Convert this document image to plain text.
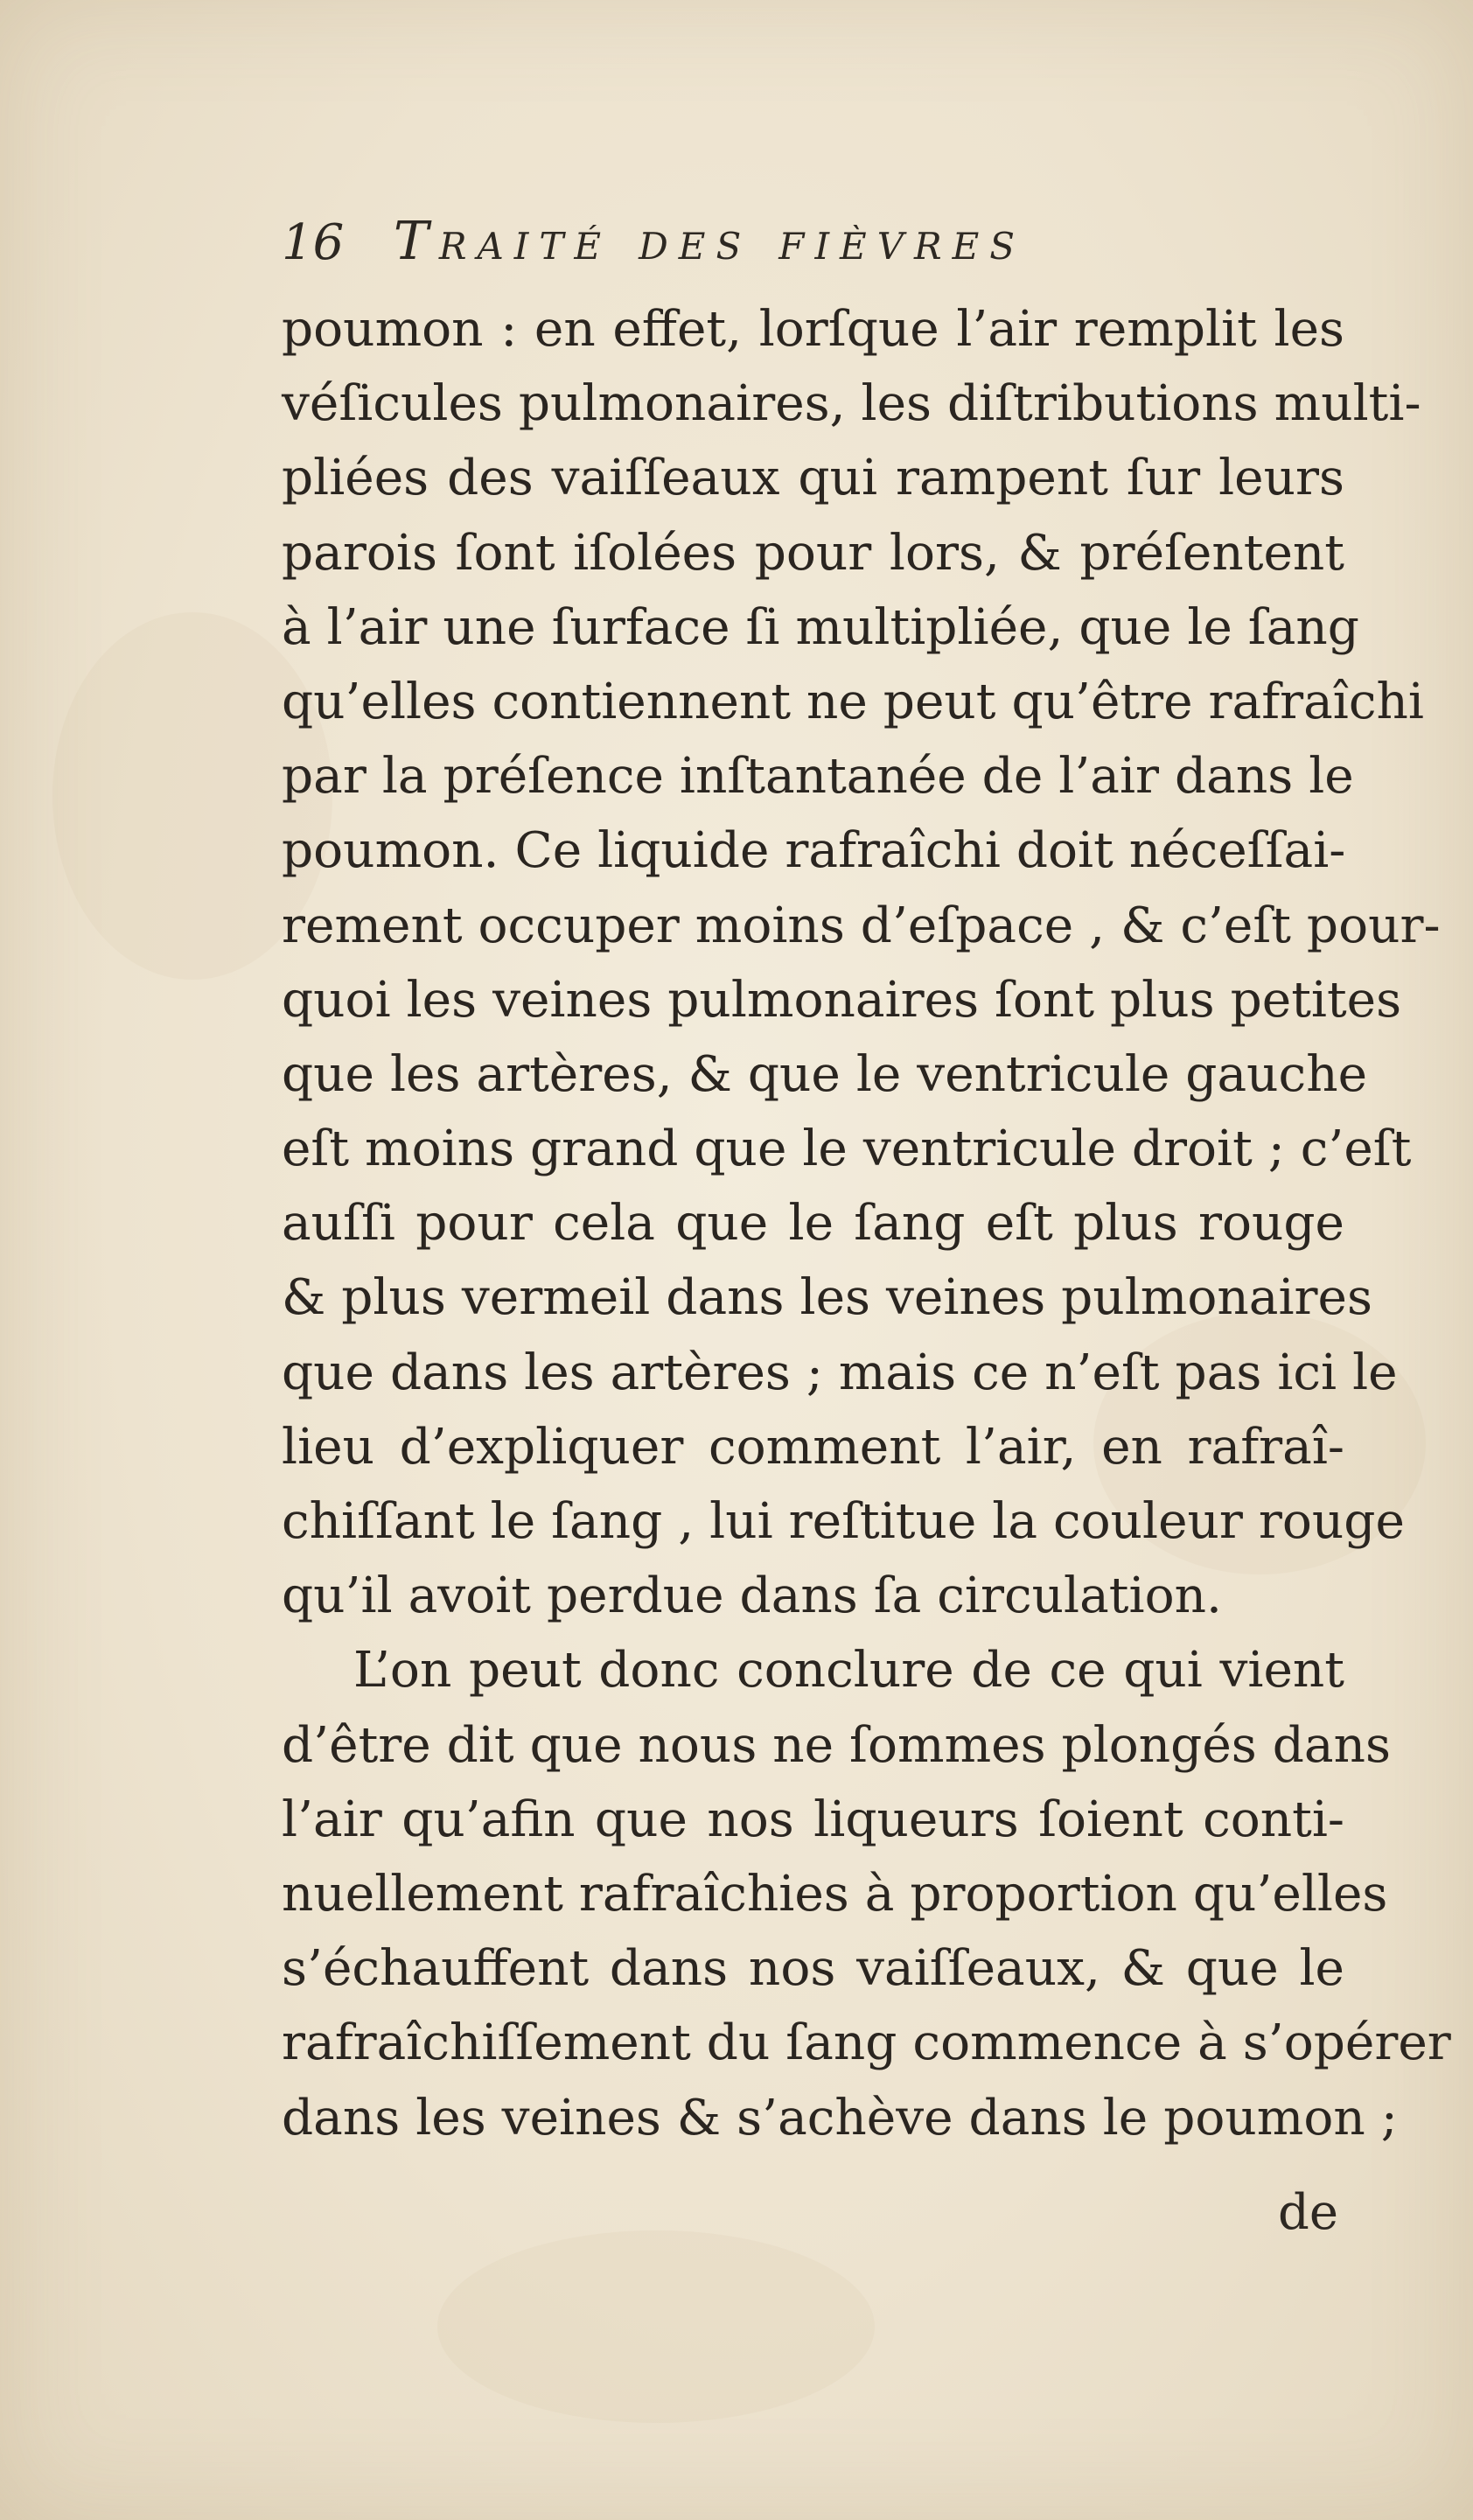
16 Traité des fièvres
poumon : en effet, lorſque l’air remplit les
véſicules pulmonaires, les diſtributions multi-
pliées des vaiſſeaux qui rampent ſur leurs
parois ſont iſolées pour lors, & préſentent
à l’air une ſurface ſi multipliée, que le ſang
qu’elles contiennent ne peut qu’être rafraîchi
par la préſence inſtantanée de l’air dans le
poumon. Ce liquide rafraîchi doit néceſſai-
rement occuper moins d’eſpace , & c’eſt pour-
quoi les veines pulmonaires ſont plus petites
que les artères, & que le ventricule gauche
eſt moins grand que le ventricule droit ; c’eſt
auſſi pour cela que le ſang eſt plus rouge
& plus vermeil dans les veines pulmonaires
que dans les artères ; mais ce n’eſt pas ici le
lieu d’expliquer comment l’air, en rafraî-
chiſſant le ſang , lui reſtitue la couleur rouge
qu’il avoit perdue dans ſa circulation.
L’on peut donc conclure de ce qui vient
d’être dit que nous ne ſommes plongés dans
l’air qu’afin que nos liqueurs ſoient conti-
nuellement rafraîchies à proportion qu’elles
s’échauffent dans nos vaiſſeaux, & que le
rafraîchiſſement du ſang commence à s’opérer
dans les veines & s’achève dans le poumon ;
de
